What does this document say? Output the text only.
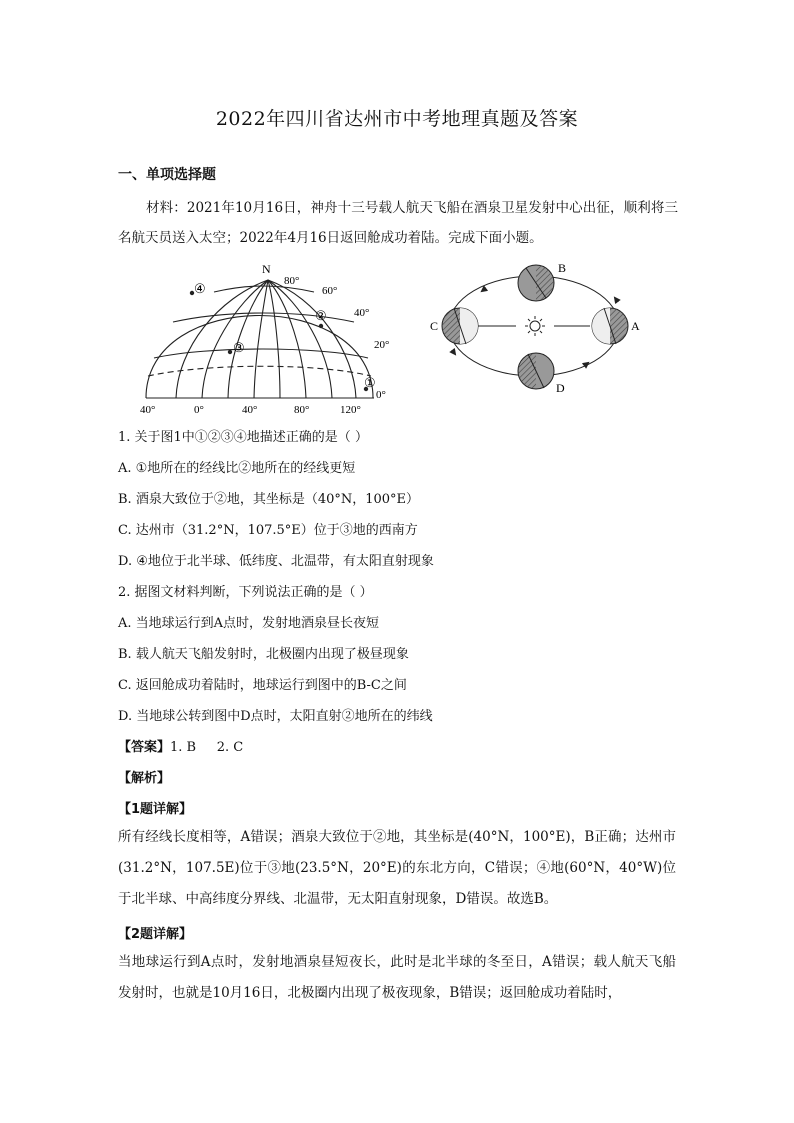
2022年四川省达州市中考地理真题及答案
一、单项选择题
材料：2021年10月16日，神舟十三号载人航天飞船在酒泉卫星发射中心出征，顺利将三名航天员送入太空；2022年4月16日返回舱成功着陆。完成下面小题。
N
80°
60°
40°
20°
0°
40°	0°	40°	80°	120°
④
②
③
①
B
C	A
D
1. 关于图1中①②③④地描述正确的是（ ）
A. ①地所在的经线比②地所在的经线更短
B. 酒泉大致位于②地，其坐标是（40°N，100°E）
C. 达州市（31.2°N，107.5°E）位于③地的西南方
D. ④地位于北半球、低纬度、北温带，有太阳直射现象
2. 据图文材料判断，下列说法正确的是（ ）
A. 当地球运行到A点时，发射地酒泉昼长夜短
B. 载人航天飞船发射时，北极圈内出现了极昼现象
C. 返回舱成功着陆时，地球运行到图中的B-C之间
D. 当地球公转到图中D点时，太阳直射②地所在的纬线
【答案】1. B     2. C
【解析】
【1题详解】
所有经线长度相等，A错误；酒泉大致位于②地，其坐标是(40°N，100°E)，B正确；达州市(31.2°N，107.5E)位于③地(23.5°N，20°E)的东北方向，C错误；④地(60°N，40°W)位于北半球、中高纬度分界线、北温带，无太阳直射现象，D错误。故选B。
【2题详解】
当地球运行到A点时，发射地酒泉昼短夜长，此时是北半球的冬至日，A错误；载人航天飞船发射时，也就是10月16日，北极圈内出现了极夜现象，B错误；返回舱成功着陆时，
